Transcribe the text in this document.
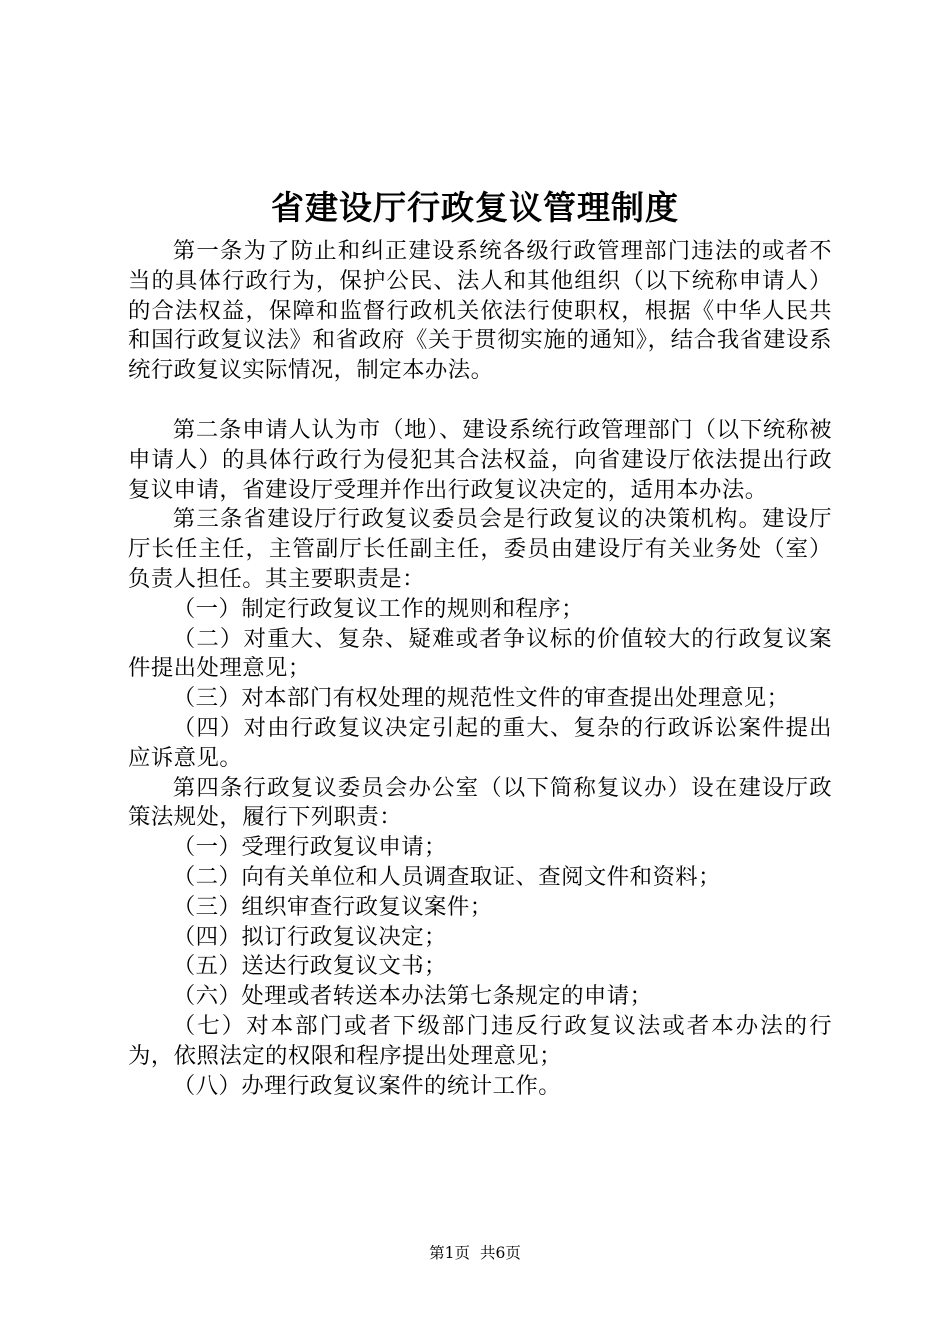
省建设厅行政复议管理制度

第一条为了防止和纠正建设系统各级行政管理部门违法的或者不当的具体行政行为，保护公民、法人和其他组织（以下统称申请人）的合法权益，保障和监督行政机关依法行使职权，根据《中华人民共和国行政复议法》和省政府《关于贯彻实施的通知》，结合我省建设系统行政复议实际情况，制定本办法。

第二条申请人认为市（地）、建设系统行政管理部门（以下统称被申请人）的具体行政行为侵犯其合法权益，向省建设厅依法提出行政复议申请，省建设厅受理并作出行政复议决定的，适用本办法。

第三条省建设厅行政复议委员会是行政复议的决策机构。建设厅厅长任主任，主管副厅长任副主任，委员由建设厅有关业务处（室）负责人担任。其主要职责是：

（一）制定行政复议工作的规则和程序；

（二）对重大、复杂、疑难或者争议标的价值较大的行政复议案件提出处理意见；

（三）对本部门有权处理的规范性文件的审查提出处理意见；

（四）对由行政复议决定引起的重大、复杂的行政诉讼案件提出应诉意见。

第四条行政复议委员会办公室（以下简称复议办）设在建设厅政策法规处，履行下列职责：

（一）受理行政复议申请；

（二）向有关单位和人员调查取证、查阅文件和资料；

（三）组织审查行政复议案件；

（四）拟订行政复议决定；

（五）送达行政复议文书；

（六）处理或者转送本办法第七条规定的申请；

（七）对本部门或者下级部门违反行政复议法或者本办法的行为，依照法定的权限和程序提出处理意见；

（八）办理行政复议案件的统计工作。

第1页 共6页
